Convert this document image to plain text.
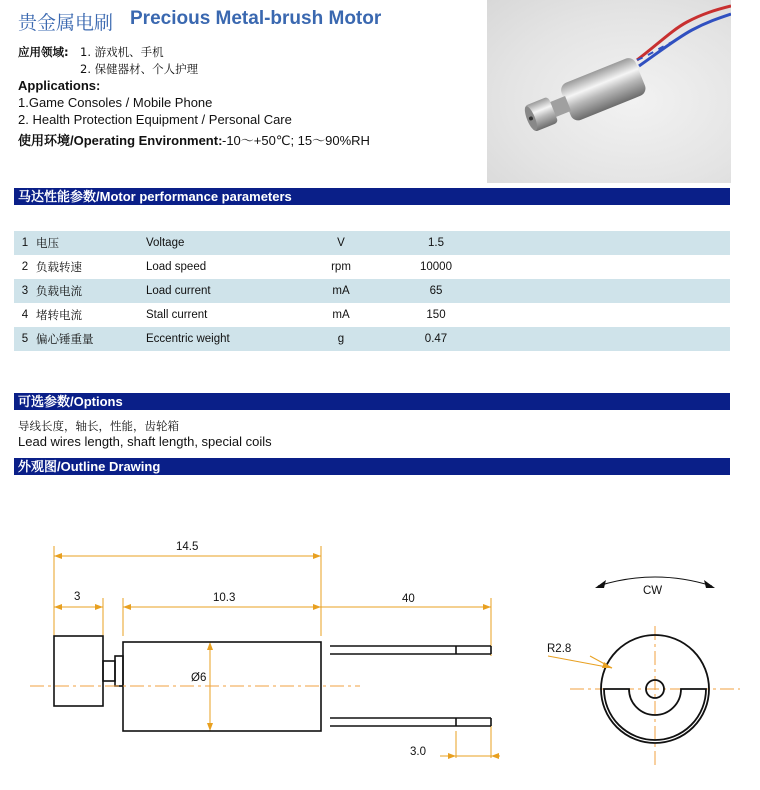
贵金属电刷 Precious Metal-brush Motor
应用领域: 1. 游戏机、手机
2. 保健器材、个人护理
Applications:
1.Game Consoles / Mobile Phone
2. Health Protection Equipment / Personal Care
使用环境/Operating Environment: -10～+50℃; 15～90%RH
马达性能参数/Motor performance parameters
1	电压	Voltage	V	1.5	
2	负载转速	Load speed	rpm	10000	
3	负载电流	Load current	mA	65	
4	堵转电流	Stall current	mA	150	
5	偏心锤重量	Eccentric weight	g	0.47	
可选参数/Options
导线长度，轴长，性能，齿轮箱
Lead wires length, shaft length, special coils
外观图/Outline Drawing
14.5
3	10.3	40
Ø6
3.0
R2.8
CW
